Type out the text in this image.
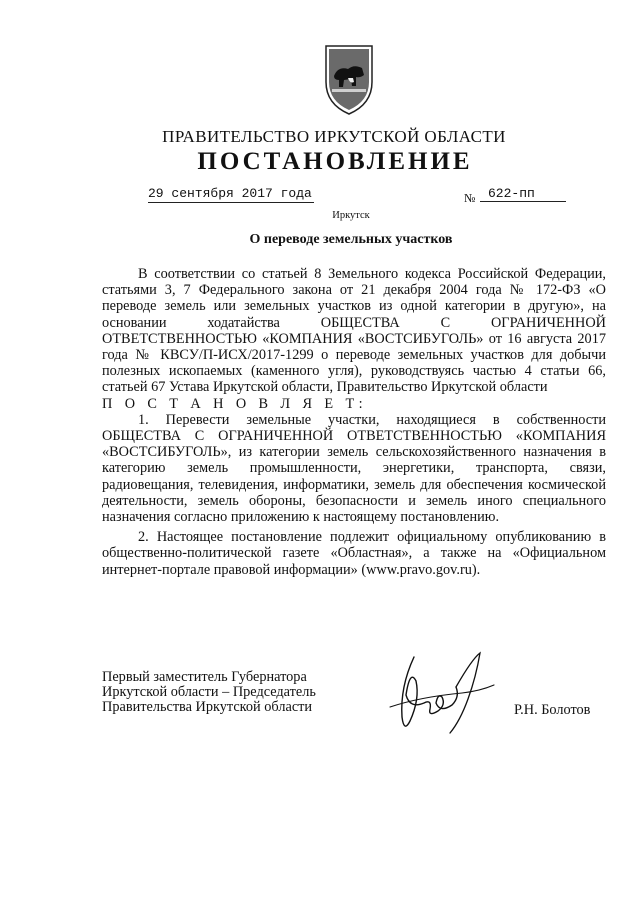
ПРАВИТЕЛЬСТВО ИРКУТСКОЙ ОБЛАСТИ
ПОСТАНОВЛЕНИЕ
29 сентября 2017 года	№ 622-пп
Иркутск
О переводе земельных участков

В соответствии со статьей 8 Земельного кодекса Российской Федерации, статьями 3, 7 Федерального закона от 21 декабря 2004 года № 172-ФЗ «О переводе земель или земельных участков из одной категории в другую», на основании ходатайства ОБЩЕСТВА С ОГРАНИЧЕННОЙ ОТВЕТСТВЕННОСТЬЮ «КОМПАНИЯ «ВОСТСИБУГОЛЬ» от 16 августа 2017 года № КВСУ/П-ИСХ/2017-1299 о переводе земельных участков для добычи полезных ископаемых (каменного угля), руководствуясь частью 4 статьи 66, статьей 67 Устава Иркутской области, Правительство Иркутской области

П О С Т А Н О В Л Я Е Т:

1. Перевести земельные участки, находящиеся в собственности ОБЩЕСТВА С ОГРАНИЧЕННОЙ ОТВЕТСТВЕННОСТЬЮ «КОМПАНИЯ «ВОСТСИБУГОЛЬ», из категории земель сельскохозяйственного назначения в категорию земель промышленности, энергетики, транспорта, связи, радиовещания, телевидения, информатики, земель для обеспечения космической деятельности, земель обороны, безопасности и земель иного специального назначения согласно приложению к настоящему постановлению.

2. Настоящее постановление подлежит официальному опубликованию в общественно-политической газете «Областная», а также на «Официальном интернет-портале правовой информации» (www.pravo.gov.ru).

Первый заместитель Губернатора
Иркутской области – Председатель
Правительства Иркутской области	Р.Н. Болотов
